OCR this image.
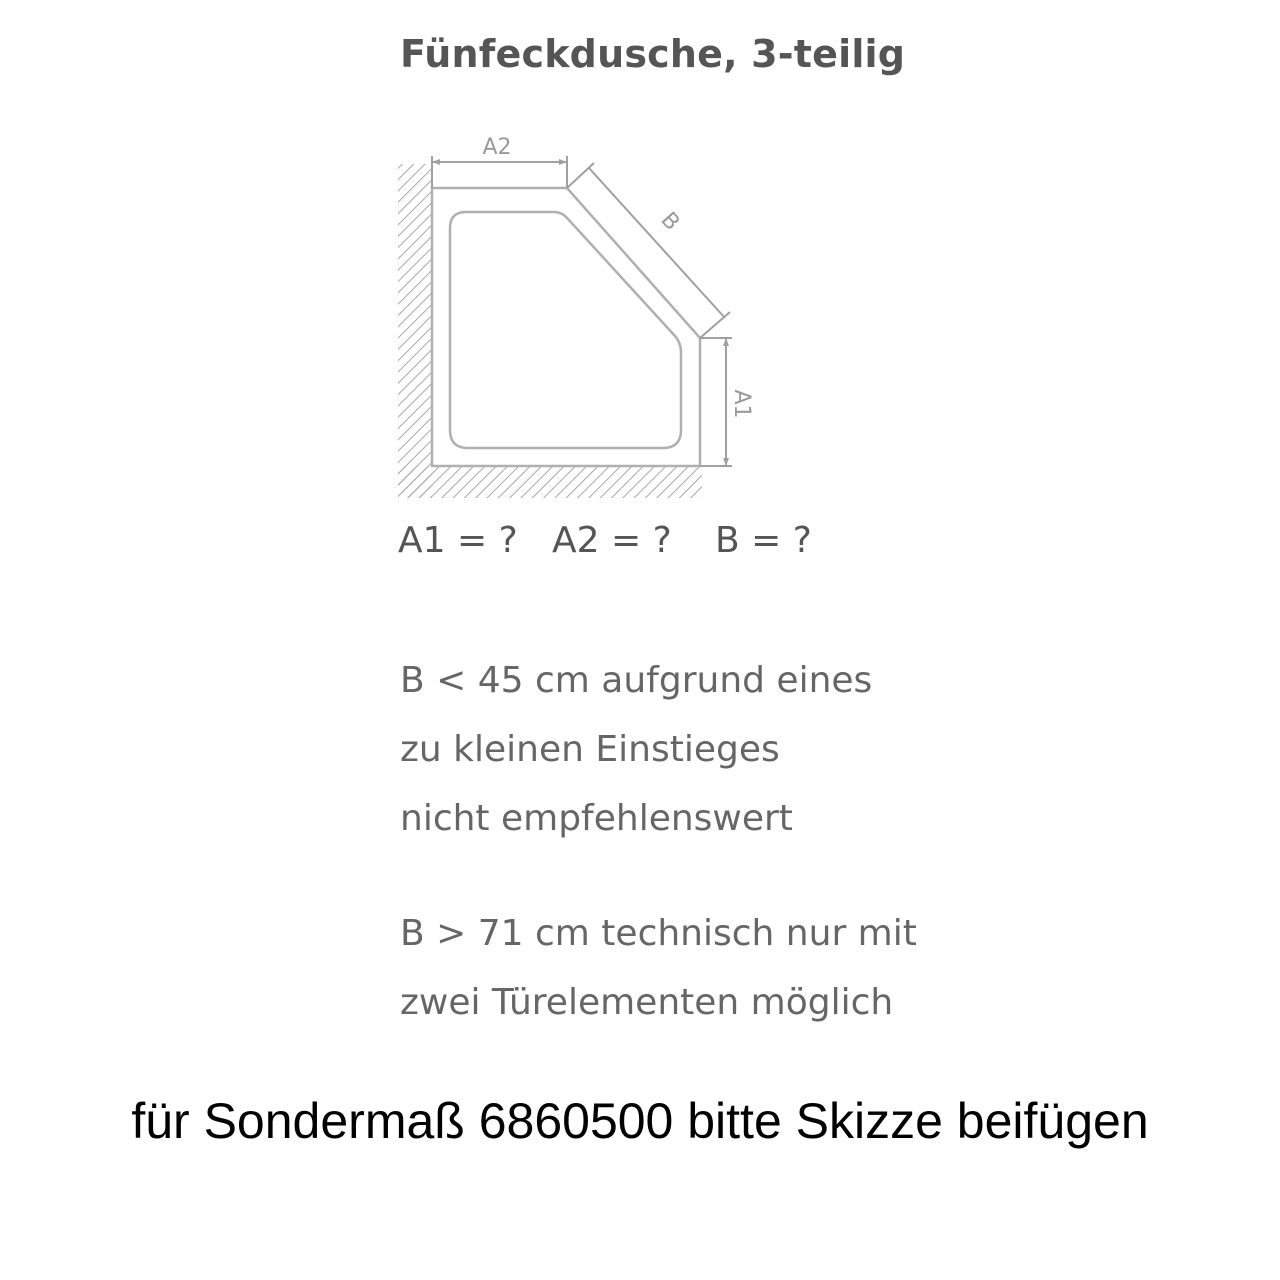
Fünfeckdusche, 3-teilig
A2
B
A1
A1 = ? A2 = ? B = ?
B < 45 cm aufgrund eines
zu kleinen Einstieges
nicht empfehlenswert
B > 71 cm technisch nur mit
zwei Türelementen möglich
für Sondermaß 6860500 bitte Skizze beifügen
